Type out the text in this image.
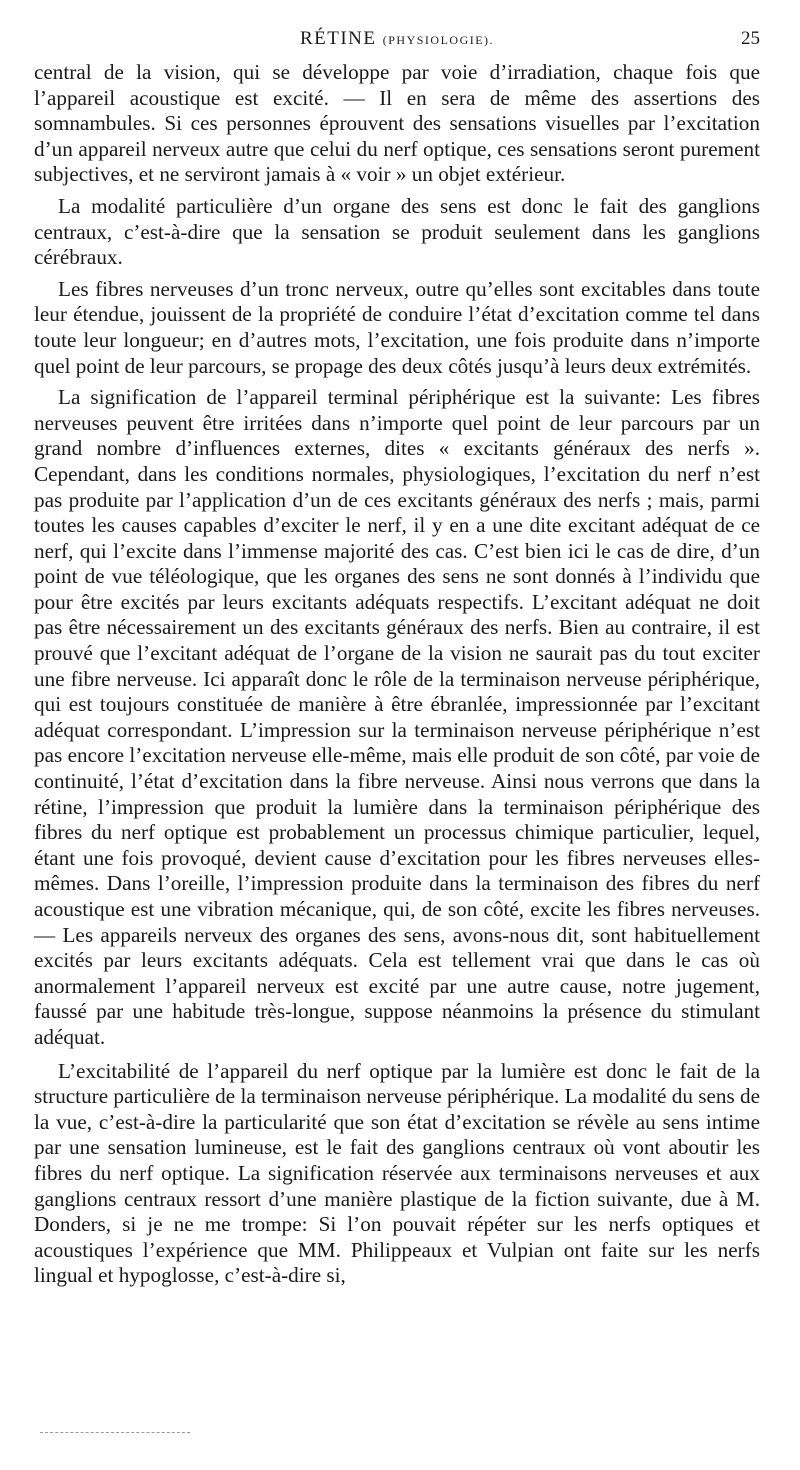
RÉTINE (PHYSIOLOGIE).	25

central de la vision, qui se développe par voie d’irradiation, chaque fois que l’appareil acoustique est excité. — Il en sera de même des assertions des somnambules. Si ces personnes éprouvent des sensations visuelles par l’excitation d’un appareil nerveux autre que celui du nerf optique, ces sensations seront purement subjectives, et ne serviront jamais à « voir » un objet extérieur.

La modalité particulière d’un organe des sens est donc le fait des ganglions centraux, c’est-à-dire que la sensation se produit seulement dans les ganglions cérébraux.

Les fibres nerveuses d’un tronc nerveux, outre qu’elles sont excitables dans toute leur étendue, jouissent de la propriété de conduire l’état d’excitation comme tel dans toute leur longueur; en d’autres mots, l’excitation, une fois produite dans n’importe quel point de leur parcours, se propage des deux côtés jusqu’à leurs deux extrémités.

La signification de l’appareil terminal périphérique est la suivante: Les fibres nerveuses peuvent être irritées dans n’importe quel point de leur parcours par un grand nombre d’influences externes, dites « excitants généraux des nerfs ». Cependant, dans les conditions normales, physiologiques, l’excitation du nerf n’est pas produite par l’application d’un de ces excitants généraux des nerfs ; mais, parmi toutes les causes capables d’exciter le nerf, il y en a une dite excitant adéquat de ce nerf, qui l’excite dans l’immense majorité des cas. C’est bien ici le cas de dire, d’un point de vue téléologique, que les organes des sens ne sont donnés à l’individu que pour être excités par leurs excitants adéquats respectifs. L’excitant adéquat ne doit pas être nécessairement un des excitants généraux des nerfs. Bien au contraire, il est prouvé que l’excitant adéquat de l’organe de la vision ne saurait pas du tout exciter une fibre nerveuse. Ici apparaît donc le rôle de la terminaison nerveuse périphérique, qui est toujours constituée de manière à être ébranlée, impressionnée par l’excitant adéquat correspondant. L’impression sur la terminaison nerveuse périphérique n’est pas encore l’excitation nerveuse elle-même, mais elle produit de son côté, par voie de continuité, l’état d’excitation dans la fibre nerveuse. Ainsi nous verrons que dans la rétine, l’impression que produit la lumière dans la terminaison périphérique des fibres du nerf optique est probablement un processus chimique particulier, lequel, étant une fois provoqué, devient cause d’excitation pour les fibres nerveuses elles-mêmes. Dans l’oreille, l’impression produite dans la terminaison des fibres du nerf acoustique est une vibration mécanique, qui, de son côté, excite les fibres nerveuses. — Les appareils nerveux des organes des sens, avons-nous dit, sont habituellement excités par leurs excitants adéquats. Cela est tellement vrai que dans le cas où anormalement l’appareil nerveux est excité par une autre cause, notre jugement, faussé par une habitude très-longue, suppose néanmoins la présence du stimulant adéquat.

L’excitabilité de l’appareil du nerf optique par la lumière est donc le fait de la structure particulière de la terminaison nerveuse périphérique. La modalité du sens de la vue, c’est-à-dire la particularité que son état d’excitation se révèle au sens intime par une sensation lumineuse, est le fait des ganglions centraux où vont aboutir les fibres du nerf optique. La signification réservée aux terminaisons nerveuses et aux ganglions centraux ressort d’une manière plastique de la fiction suivante, due à M. Donders, si je ne me trompe: Si l’on pouvait répéter sur les nerfs optiques et acoustiques l’expérience que MM. Philippeaux et Vulpian ont faite sur les nerfs lingual et hypoglosse, c’est-à-dire si,
